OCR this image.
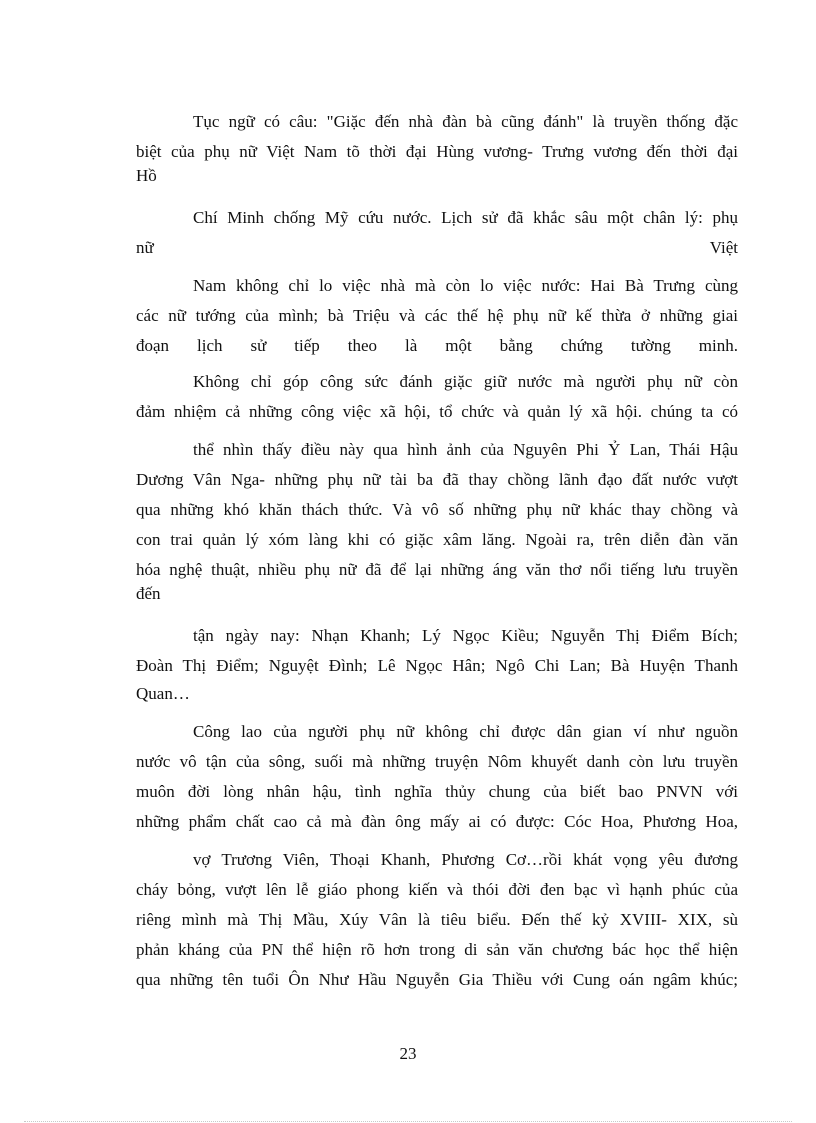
Tục ngữ có câu: "Giặc đến nhà đàn bà cũng đánh" là truyền thống đặc
biệt của phụ nữ Việt Nam tõ thời đại Hùng vương- Trưng vương đến thời đại
Hồ
Chí Minh chống Mỹ cứu nước. Lịch sử đã khắc sâu một chân lý: phụ
nữ	Việt
Nam không chỉ lo việc nhà mà còn lo việc nước: Hai Bà Trưng cùng
các nữ tướng của mình; bà Triệu và các thế hệ phụ nữ kế thừa ở những giai
đoạn lịch sử tiếp theo là một bằng chứng tường minh.
Không chỉ góp công sức đánh giặc giữ nước mà người phụ nữ còn
đảm nhiệm cả những công việc xã hội, tổ chức và quản lý xã hội. chúng ta có
thể nhìn thấy điều này qua hình ảnh của Nguyên Phi Ỷ Lan, Thái Hậu
Dương Vân Nga- những phụ nữ tài ba đã thay chồng lãnh đạo đất nước vượt
qua những khó khăn thách thức. Và vô số những phụ nữ khác thay chồng và
con trai quản lý xóm làng khi có giặc xâm lăng. Ngoài ra, trên diễn đàn văn
hóa nghệ thuật, nhiều phụ nữ đã để lại những áng văn thơ nổi tiếng lưu truyền
đến
tận ngày nay: Nhạn Khanh; Lý Ngọc Kiều; Nguyễn Thị Điểm Bích;
Đoàn Thị Điểm; Nguyệt Đình; Lê Ngọc Hân; Ngô Chi Lan; Bà Huyện Thanh
Quan…
Công lao của người phụ nữ không chỉ được dân gian ví như nguồn
nước vô tận của sông, suối mà những truyện Nôm khuyết danh còn lưu truyền
muôn đời lòng nhân hậu, tình nghĩa thủy chung của biết bao PNVN với
những phẩm chất cao cả mà đàn ông mấy ai có được: Cóc Hoa, Phương Hoa,
vợ Trương Viên, Thoại Khanh, Phương Cơ…rồi khát vọng yêu đương
cháy bỏng, vượt lên lễ giáo phong kiến và thói đời đen bạc vì hạnh phúc của
riêng mình mà Thị Mầu, Xúy Vân là tiêu biểu. Đến thế kỷ XVIII- XIX, sù
phản kháng của PN thể hiện rõ hơn trong di sản văn chương bác học thể hiện
qua những tên tuổi Ôn Như Hầu Nguyễn Gia Thiều với Cung oán ngâm khúc;
23
